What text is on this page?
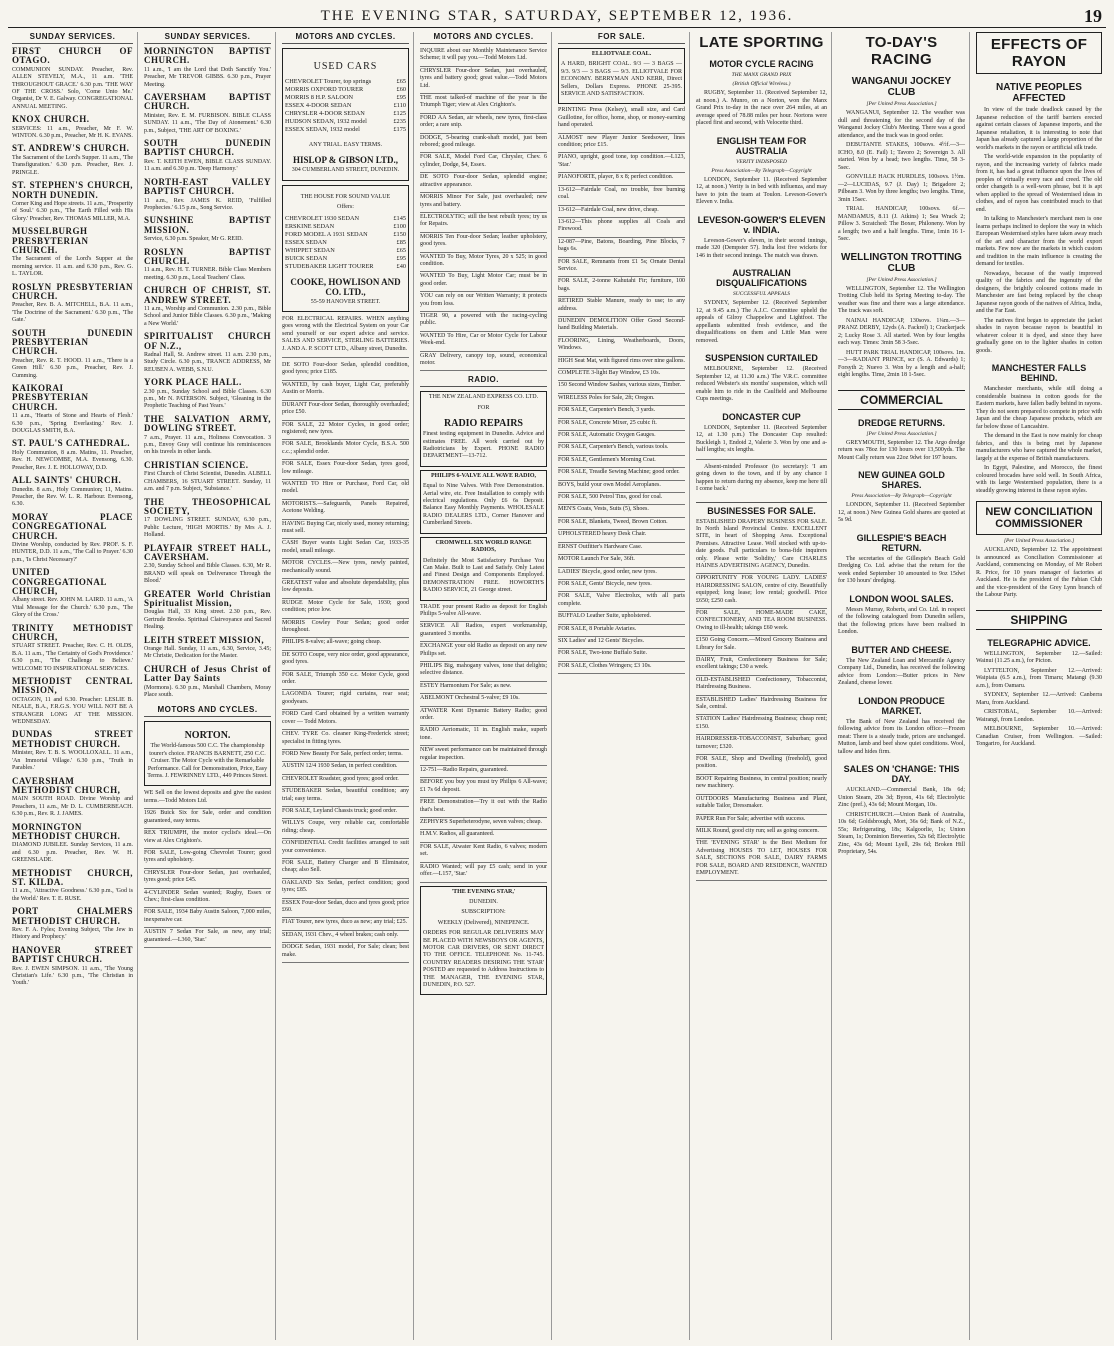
THE EVENING STAR, SATURDAY, SEPTEMBER 12, 1936.	19
SUNDAY SERVICES.
FIRST CHURCH OF OTAGO.
COMMUNION SUNDAY. Preacher, Rev. ALLEN STEVELY, M.A., 11 a.m. 'THE THROUGHOUT GRACE.' 6.30 p.m. 'THE WAY OF THE CROSS.' Solo, 'Come Unto Me.' Organist, Dr V. E. Galway. CONGREGATIONAL ANNUAL MEETING.
KNOX CHURCH.
SERVICES: 11 a.m., Preacher, Mr F. W. WINTON. 6.30 p.m., Preacher, Mr H. K. EVANS.
ST. ANDREW'S CHURCH.
The Sacrament of the Lord's Supper. 11 a.m., 'The Transfiguration.' 6.30 p.m. Preacher, Rev. J. PRINGLE.
ST. STEPHEN'S CHURCH, NORTH DUNEDIN.
Corner King and Hope streets. 11 a.m., 'Prosperity of Soul.' 6.30 p.m., 'The Earth Filled with His Glory.' Preacher, Rev. THOMAS MILLER, M.A.
MUSSELBURGH PRESBYTERIAN CHURCH.
The Sacrament of the Lord's Supper at the morning service. 11 a.m. and 6.30 p.m., Rev. G. L. TAYLOR.
ROSLYN PRESBYTERIAN CHURCH.
Preacher, Rev. B. A. MITCHELL, B.A. 11 a.m., 'The Doctrine of the Sacrament.' 6.30 p.m., 'The Gate.'
SOUTH DUNEDIN PRESBYTERIAN CHURCH.
Preacher, Rev. R. T. HOOD. 11 a.m., 'There is a Green Hill.' 6.30 p.m., Preacher, Rev. J. Cumming.
KAIKORAI PRESBYTERIAN CHURCH.
11 a.m., 'Hearts of Stone and Hearts of Flesh.' 6.30 p.m., 'Spring Everlasting.' Rev. J. DOUGLAS SMITH, B.A.
ST. PAUL'S CATHEDRAL.
Holy Communion, 8 a.m. Matins, 11. Preacher, Rev. H. NEWCOMBE, M.A. Evensong, 6.30. Preacher, Rev. J. E. HOLLOWAY, D.D.
ALL SAINTS' CHURCH.
Dunedin. 8 a.m., Holy Communion; 11, Matins. Preacher, the Rev. W. L. R. Harbour. Evensong, 6.30.
MORAY PLACE CONGREGATIONAL CHURCH.
Divine Worship, conducted by Rev. PROF. S. F. HUNTER, D.D. 11 a.m., 'The Call to Prayer.' 6.30 p.m., 'Is Christ Necessary?'
UNITED CONGREGATIONAL CHURCH,
Albany street. Rev. JOHN M. LAIRD. 11 a.m., 'A Vital Message for the Church.' 6.30 p.m., 'The Glory of the Cross.'
TRINITY METHODIST CHURCH,
STUART STREET. Preacher, Rev. C. H. OLDS, B.A. 11 a.m., 'The Certainty of God's Providence.' 6.30 p.m., 'The Challenge to Believe.' WELCOME TO INSPIRATIONAL SERVICES.
METHODIST CENTRAL MISSION,
OCTAGON, 11 and 6.30. Preacher: LESLIE B. NEALE, B.A., F.R.G.S. YOU WILL NOT BE A STRANGER LONG AT THE MISSION. WEDNESDAY.
DUNDAS STREET METHODIST CHURCH.
Minister, Rev. T. B. S. WOOLLOXALL. 11 a.m., 'An Immortal Village.' 6.30 p.m., 'Truth in Parables.'
CAVERSHAM METHODIST CHURCH,
MAIN SOUTH ROAD. Divine Worship and Preachers, 11 a.m., Mr D. L. CUMBERBEACH. 6.30 p.m., Rev. R. J. JAMES.
MORNINGTON METHODIST CHURCH.
DIAMOND JUBILEE. Sunday Services, 11 a.m. and 6.30 p.m. Preacher, Rev. W. H. GREENSLADE.
METHODIST CHURCH, ST. KILDA.
11 a.m., 'Attractive Goodness.' 6.30 p.m., 'God is the World.' Rev. T. E. RUSE.
PORT CHALMERS METHODIST CHURCH.
Rev. F. A. Fyles; Evening Subject, 'The Jew in History and Prophecy.'
HANOVER STREET BAPTIST CHURCH.
Rev. J. EWEN SIMPSON. 11 a.m., 'The Young Christian's Life.' 6.30 p.m., 'The Christian in Youth.'
SUNDAY SERVICES.
MORNINGTON BAPTIST CHURCH.
11 a.m., 'I am the Lord that Doth Sanctify You.' Preacher, Mr TREVOR GIBBS. 6.30 p.m., Prayer Meeting.
CAVERSHAM BAPTIST CHURCH.
Minister, Rev. E. M. FURBISON. BIBLE CLASS SUNDAY. 11 a.m., 'The Day of Atonement.' 6.30 p.m., Subject, 'THE ART OF BOXING.'
SOUTH DUNEDIN BAPTIST CHURCH.
Rev. T. KEITH EWEN, BIBLE CLASS SUNDAY. 11 a.m. and 6.30 p.m. 'Deep Harmony.'
NORTH-EAST VALLEY BAPTIST CHURCH.
11 a.m., Rev. JAMES K. REID, 'Fulfilled Prophecies.' 6.15 p.m., Song Service.
SUNSHINE BAPTIST MISSION.
Service, 6.30 p.m. Speaker, Mr G. REID.
ROSLYN BAPTIST CHURCH.
11 a.m., Rev. H. T. TURNER. Bible Class Members meeting. 6.30 p.m., Local Teachers' Class.
CHURCH OF CHRIST, ST. ANDREW STREET.
11 a.m., Worship and Communion. 2.30 p.m., Bible School and Junior Bible Classes. 6.30 p.m., 'Making a New World.'
SPIRITUALIST CHURCH OF N.Z.,
Radnal Hall, St. Andrew street. 11 a.m. 2.30 p.m., Study Circle. 6.30 p.m., TRANCE ADDRESS, Mr REUBEN A. WEBB, S.N.U.
YORK PLACE HALL.
2.30 p.m., Sunday School and Bible Classes. 6.30 p.m., Mr N. PATERSON. Subject, 'Gleaning in the Prophetic Teaching of Past Years.'
THE SALVATION ARMY, DOWLING STREET.
7 a.m., Prayer. 11 a.m., Holiness Convocation. 3 p.m., Envoy Gray will continue his reminiscences on his travels in other lands.
CHRISTIAN SCIENCE.
First Church of Christ Scientist, Dunedin. ALBELL CHAMBERS, 16 STUART STREET. Sunday, 11 a.m. and 7 p.m. Subject, 'Substance.'
THE THEOSOPHICAL SOCIETY,
17 DOWLING STREET. SUNDAY, 6.30 p.m., Public Lecture, 'HIGH MORTIS.' By Mrs A. J. Holland.
PLAYFAIR STREET HALL, CAVERSHAM.
2.30, Sunday School and Bible Classes. 6.30, Mr R. BRAND will speak on 'Deliverance Through the Blood.'
GREATER World Christian Spiritualist Mission,
Douglas Hall, 33 King street. 2.30 p.m., Rev. Gertrude Brooks. Spiritual Clairvoyance and Sacred Healing.
LEITH STREET MISSION,
Orange Hall. Sunday, 11 a.m., 6.30, Service, 3.45; Mr Christie, Dedication for the Master.
CHURCH of Jesus Christ of Latter Day Saints
(Mormons). 6.30 p.m., Marshall Chambers, Moray Place south.
MOTORS AND CYCLES.
NORTON.
The World-famous 500 C.C. The championship tourer's choice. FRANCIS BARNETT, 250 C.C. Cruiser. The Motor Cycle with the Remarkable Performance. Call for Demonstration, Price, Easy Terms. J. FEWRINNEY LTD., 449 Princes Street.
WE Sell on the lowest deposits and give the easiest terms.—Todd Motors Ltd.
1926 Buick Six for Sale, order and condition guaranteed, easy terms.
REX TRIUMPH, the motor cyclist's ideal.—On view at Alex Crighton's.
FOR SALE, Low-going Chevrolet Tourer; good tyres and upholstery.
CHRYSLER Four-door Sedan, just overhauled, tyres good; price £45.
4-CYLINDER Sedan wanted; Rugby, Essex or Chev.; first-class condition.
FOR SALE, 1934 Baby Austin Saloon, 7,000 miles, inexpensive car.
AUSTIN 7 Sedan For Sale, as new, any trial; guaranteed.—L360, 'Star.'
MOTORS AND CYCLES.
USED CARS
CHEVROLET Tourer, top springs	£65
MORRIS OXFORD TOURER	£60
MORRIS 8 H.P. SALOON	£95
ESSEX 4-DOOR SEDAN	£110
CHRYSLER 4-DOOR SEDAN	£125
HUDSON SEDAN, 1932 model	£235
ESSEX SEDAN, 1932 model	£175
ANY TRIAL. EASY TERMS.
HISLOP & GIBSON LTD.,
304 CUMBERLAND STREET, DUNEDIN.
THE HOUSE FOR SOUND VALUE
Offers:
CHEVROLET 1930 SEDAN	£145
ERSKINE SEDAN	£100
FORD MODEL A 1931 SEDAN	£150
ESSEX SEDAN	£85
WHIPPET SEDAN	£65
BUICK SEDAN	£95
STUDEBAKER LIGHT TOURER	£40
COOKE, HOWLISON AND CO. LTD.,
55-59 HANOVER STREET.
FOR ELECTRICAL REPAIRS. WHEN anything goes wrong with the Electrical System on your Car send yourself or our expert advice and service. SALES AND SERVICE, STERLING BATTERIES. J. AND A. P. SCOTT LTD., Albany street, Dunedin.
DE SOTO Four-door Sedan, splendid condition, good tyres; price £185.
WANTED, by cash buyer, Light Car, preferably Austin or Morris.
DURANT Four-door Sedan, thoroughly overhauled; price £50.
FOR SALE, 22 Motor Cycles, in good order; registered; new tyres.
FOR SALE, Brooklands Motor Cycle, B.S.A. 500 c.c.; splendid order.
FOR SALE, Essex Four-door Sedan, tyres good, low mileage.
WANTED TO Hire or Purchase, Ford Car, old model.
MOTORISTS.—Safeguards, Panels Repaired, Acetone Welding.
HAVING Buying Car, nicely used, money returning; must sell.
CASH Buyer wants Light Sedan Car, 1933-35 model, small mileage.
MOTOR CYCLES.—New tyres, newly painted, mechanically sound.
GREATEST value and absolute dependability, plus low deposits.
RUDGE Motor Cycle for Sale, 1930; good condition; price low.
MORRIS Cowley Four Sedan; good order throughout.
PHILIPS 8-valve; all-wave; going cheap.
DE SOTO Coupe, very nice order, good appearance, good tyres.
FOR SALE, Triumph 350 c.c. Motor Cycle, good order.
LAGONDA Tourer; rigid curtains, rear seat; goodyears.
FORD Card Card obtained by a written warranty cover — Todd Motors.
CHEV. TYRE Co. cleaner King-Frederick street; specialist in fitting tyres.
FORD New Beauty For Sale, perfect order; terms.
AUSTIN 12/4 1930 Sedan, in perfect condition.
CHEVROLET Roadster, good tyres; good order.
STUDEBAKER Sedan, beautiful condition; any trial; easy terms.
FOR SALE, Leyland Chassis truck; good order.
WILLYS Coupe, very reliable car, comfortable riding; cheap.
CONFIDENTIAL Credit facilities arranged to suit your convenience.
FOR SALE, Battery Charger and B Eliminator, cheap; also Sell.
OAKLAND Six Sedan, perfect condition; good tyres; £85.
ESSEX Four-door Sedan, duco and tyres good; price £60.
FIAT Tourer, new tyres, duco as new; any trial; £25.
SEDAN, 1931 Chev., 4 wheel brakes; cash only.
DODGE Sedan, 1931 model, For Sale; clean; best make.
MOTORS AND CYCLES.
INQUIRE about our Monthly Maintenance Service Scheme; it will pay you.—Todd Motors Ltd.
CHRYSLER Four-door Sedan, just overhauled, tyres and battery good; great value.—Todd Motors Ltd.
THE most talked-of machine of the year is the Triumph Tiger; view at Alex Crighton's.
FORD AA Sedan, air wheels, new tyres, first-class order; a rare snip.
DODGE, 5-bearing crank-shaft model, just been rebored; good mileage.
FOR SALE, Model Ford Car, Chrysler, Chev. 6 cylinder, Dodge, $4, Essex.
DE SOTO Four-door Sedan, splendid engine; attractive appearance.
MORRIS Minor For Sale, just overhauled; new tyres and battery.
ELECTROLYTIC; still the best rebuilt tyres; try us for Repairs.
MORRIS Ten Four-door Sedan; leather upholstery, good tyres.
WANTED To Buy, Motor Tyres, 20 x 525; in good condition.
WANTED To Buy, Light Motor Car; must be in good order.
YOU can rely on our Written Warranty; it protects you from loss.
TIGER 90, a powered with the racing-cycling public.
WANTED To Hire, Car or Motor Cycle for Labour Week-end.
GRAY Delivery, canopy top, sound, economical motor.
RADIO.
THE NEW ZEALAND EXPRESS CO. LTD.
FOR
RADIO REPAIRS
Finest testing equipment in Dunedin. Advice and estimates FREE. All work carried out by Radiotricians by Expert. PHONE RADIO DEPARTMENT—13-712.
PHILIPS 6-VALVE ALL WAVE RADIO,
Equal to Nine Valves. With Free Demonstration. Aerial wire, etc. Free Installation to comply with electrical regulations. Only £6 6s Deposit. Balance Easy Monthly Payments. WHOLESALE RADIO DEALERS LTD., Corner Hanover and Cumberland Streets.
CROMWELL SIX WORLD RANGE RADIOS,
Definitely the Most Satisfactory Purchase You Can Make. Built to Last and Satisfy. Only Latest and Finest Design and Components Employed. DEMONSTRATION FREE. HOWORTH'S RADIO SERVICE, 21 George street.
TRADE your present Radio as deposit for English Philips 5-valve All-wave.
SERVICE All Radios, expert workmanship, guaranteed 3 months.
EXCHANGE your old Radio as deposit on any new Philips set.
PHILIPS Big, mahogany valves, tone that delights; selective distance.
ESTEY Harmonium For Sale; as new.
ABELMONT Orchestral 5-valve; £9 10s.
ATWATER Kent Dynamic Battery Radio; good order.
RADIO Aeriomatic, 11 in. English make, superb tone.
NEW sweet performance can be maintained through regular inspection.
12-751—Radio Repairs, guaranteed.
BEFORE you buy you must try Philips 6 All-wave; £1 7s 6d deposit.
FREE Demonstration—Try it out with the Radio that's best.
ZEPHYR'S Superheterodyne, seven valves; cheap.
H.M.V. Radios, all guaranteed.
FOR SALE, Atwater Kent Radio, 6 valves; modern set.
RADIO Wanted; will pay £5 cash; send in your offer.—L157, 'Star.'
'THE EVENING STAR,'
DUNEDIN.
SUBSCRIPTION:
WEEKLY (Delivered), NINEPENCE.
ORDERS FOR REGULAR DELIVERIES MAY BE PLACED WITH NEWSBOYS OR AGENTS, MOTOR CAR DRIVERS, OR SENT DIRECT TO THE OFFICE. TELEPHONE No. 11-745. COUNTRY READERS DESIRING THE 'STAR' POSTED are requested to Address Instructions to THE MANAGER, THE EVENING STAR, DUNEDIN, P.O. 527.
FOR SALE.
ELLIOTVALE COAL.
A HARD, BRIGHT COAL. 9/3 — 3 BAGS — 9/3. 9/3 — 3 BAGS — 9/3. ELLIOTVALE FOR ECONOMY. BERRYMAN AND KERR, Direct Sellers, Dollars Express. PHONE 25-395. SERVICE AND SATISFACTION.
PRINTING Press (Kelsey), small size, and Card Guillotine, for office, home, shop, or money-earning hand operated.
ALMOST new Player Junior Seedsower, lines condition; price £15.
PIANO, upright, good tone, top condition.—L123, 'Star.'
PIANOFORTE, player, 8 x 8; perfect condition.
13-612—Fairdale Coal, no trouble, free burning coal.
13-612—Fairdale Coal, new drive, cheap.
13-612—This phone supplies all Coals and Firewood.
12-087—Pine, Batons, Boarding, Pine Blocks, 7 bags 6s.
FOR SALE, Remnants from £1 5s; Ornate Dental Service.
FOR SALE, 2-tonne Kahutahi Fir; furniture, 100 bags.
RETIRED Stable Manure, ready to use; to any address.
DUNEDIN DEMOLITION Offer Good Second-hand Building Materials.
FLOORING, Lining, Weatherboards, Doors, Windows.
HIGH Seat Mat, with figured rims over nine gallons.
COMPLETE 3-light Bay Window, £3 10s.
150 Second Window Sashes, various sizes, Timber.
WIRELESS Poles for Sale, 2ft; Oregon.
FOR SALE, Carpenter's Bench, 3 yards.
FOR SALE, Concrete Mixer, 25 cubic ft.
FOR SALE, Automatic Oxygen Gauges.
FOR SALE, Carpenter's Bench, various tools.
FOR SALE, Gentlemen's Morning Coat.
FOR SALE, Treadle Sewing Machine; good order.
BOYS, build your own Model Aeroplanes.
FOR SALE, 500 Petrol Tins, good for coal.
MEN'S Coats, Vests, Suits (5), Shoes.
FOR SALE, Blankets, Tweed, Brown Cotton.
UPHOLSTERED heavy Desk Chair.
ERNST Outfitter's Hardware Case.
MOTOR Launch For Sale, 36ft.
LADIES' Bicycle, good order, new tyres.
FOR SALE, Gents' Bicycle, new tyres.
FOR SALE, Valve Electrolux, with all parts complete.
BUFFALO Leather Suite, upholstered.
FOR SALE, 8 Portable Aviaries.
SIX Ladies' and 12 Gents' Bicycles.
FOR SALE, Two-tone Buffalo Suite.
FOR SALE, Clothes Wringers; £3 10s.
LATE SPORTING
MOTOR CYCLE RACING
THE MANX GRAND PRIX
(British Official Wireless.)
RUGBY, September 11. (Received September 12, at noon.) A. Munro, on a Norton, won the Manx Grand Prix to-day in the race over 264 miles, at an average speed of 78.88 miles per hour. Nortons were placed first and second, with Velocette third.
ENGLISH TEAM FOR AUSTRALIA
VERITY INDISPOSED
Press Association—By Telegraph—Copyright
LONDON, September 11. (Received September 12, at noon.) Verity is in bed with influenza, and may have to join the team at Toulon. Leveson-Gower's Eleven v. India.
LEVESON-GOWER'S ELEVEN v. INDIA.
Leveson-Gower's eleven, in their second innings, made 320 (Dempster 57). India lost five wickets for 146 in their second innings. The match was drawn.
AUSTRALIAN DISQUALIFICATIONS
SUCCESSFUL APPEALS
SYDNEY, September 12. (Received September 12, at 9.45 a.m.) The A.J.C. Committee upheld the appeals of Gilroy Chappelow and Lightfoot. The appellants submitted fresh evidence, and the disqualifications on them and Little Man were removed.
SUSPENSION CURTAILED
MELBOURNE, September 12. (Received September 12, at 11.30 a.m.) The V.R.C. committee reduced Webster's six months' suspension, which will enable him to ride in the Caulfield and Melbourne Cups meetings.
DONCASTER CUP
LONDON, September 11. (Received September 12, at 1.30 p.m.) The Doncaster Cup resulted: Buckleigh 1, Endoid 2, Valerie 3. Won by one and a-half lengths; six lengths.
Absent-minded Professor (to secretary): 'I am going down to the town, and if by any chance I happen to return during my absence, keep me here till I come back.'
BUSINESSES FOR SALE.
ESTABLISHED DRAPERY BUSINESS FOR SALE. In North Island Provincial Centre. EXCELLENT SITE, in heart of Shopping Area. Exceptional Premises. Attractive Lease. Well stocked with up-to-date goods. Full particulars to bona-fide inquirers only. Please write 'Solidity,' Care CHARLES HAINES ADVERTISING AGENCY, Dunedin.
OPPORTUNITY FOR YOUNG LADY. LADIES' HAIRDRESSING SALON, centre of city. Beautifully equipped; long lease; low rental; goodwill. Price £650; £250 cash.
FOR SALE, HOME-MADE CAKE, CONFECTIONERY, AND TEA ROOM BUSINESS. Owing to ill-health; takings £60 week.
£150 Going Concern.—Mixed Grocery Business and Library for Sale.
DAIRY, Fruit, Confectionery Business for Sale; excellent takings; £30 a week.
OLD-ESTABLISHED Confectionery, Tobacconist, Hairdressing Business.
ESTABLISHED Ladies' Hairdressing Business for Sale, central.
STATION Ladies' Hairdressing Business; cheap rent; £150.
HAIRDRESSER-TOBACCONIST, Suburban; good turnover; £320.
FOR SALE, Shop and Dwelling (freehold), good position.
BOOT Repairing Business, in central position; nearly new machinery.
OUTDOORS Manufacturing Business and Plant, suitable Tailor, Dressmaker.
PAPER Run For Sale; advertise with success.
MILK Round, good city run; sell as going concern.
THE 'EVENING STAR' is the Best Medium for Advertising HOUSES TO LET, HOUSES FOR SALE, SECTIONS FOR SALE, DAIRY FARMS FOR SALE, BOARD AND RESIDENCE, WANTED EMPLOYMENT.
TO-DAY'S RACING
WANGANUI JOCKEY CLUB
[Per United Press Association.]
WANGANUI, September 12. The weather was dull and threatening for the second day of the Wanganui Jockey Club's Meeting. There was a good attendance, and the track was in good order.
DEBUTANTE STAKES, 100sovs. 4½f.—3—ICHO, 8.0 (E. Fail) 1; Tavoro 2; Sovereign 3. All started. Won by a head; two lengths. Time, 58 3-5sec.
GONVILLE HACK HURDLES, 100sovs. 1½m.—2—LUCIDAS, 9.7 (J. Day) 1; Brigadore 2; Pilbeam 3. Won by three lengths; two lengths. Time, 3min 15sec.
TRIAL HANDICAP, 100sovs. 6f.—MANDAMUS, 8.11 (J. Atkins) 1; Sea Wrack 2; Pillow 3. Scratched: The Boxer, Philoneny. Won by a length; two and a half lengths. Time, 1min 16 1-5sec.
WELLINGTON TROTTING CLUB
[Per United Press Association.]
WELLINGTON, September 12. The Wellington Trotting Club held its Spring Meeting to-day. The weather was fine and there was a large attendance. The track was soft.
NAINAI HANDICAP, 130sovs. 1¼m.—3—PRANZ DERBY, 12yds (A. Fackrel) 1; Crackerjack 2; Lucky Rose 3. All started. Won by four lengths each way. Times: 3min 58 3-5sec.
HUTT PARK TRIAL HANDICAP, 100sovs. 1m.—3—RADIANT PRINCE, scr (S. A. Edwards) 1; Forsyth 2; Nuevo 3. Won by a length and a-half; eight lengths. Time, 2min 18 1-5sec.
COMMERCIAL
DREDGE RETURNS.
[Per United Press Association.]
GREYMOUTH, September 12. The Argo dredge return was 78oz for 130 hours over 13,500yds. The Mount Cally return was 22oz 9dwt for 197 hours.
NEW GUINEA GOLD SHARES.
Press Association—By Telegraph—Copyright
LONDON, September 11. (Received September 12, at noon.) New Guinea Gold shares are quoted at 5s 9d.
GILLESPIE'S BEACH RETURN.
The secretaries of the Gillespie's Beach Gold Dredging Co. Ltd. advise that the return for the week ended September 10 amounted to 9oz 15dwt for 130 hours' dredging.
LONDON WOOL SALES.
Messrs Murray, Roberts, and Co. Ltd. in respect of the following catalogued from Dunedin sellers, that the following prices have been realised in London.
BUTTER AND CHEESE.
The New Zealand Loan and Mercantile Agency Company Ltd., Dunedin, has received the following advice from London:—Butter prices in New Zealand, cheese lower.
LONDON PRODUCE MARKET.
The Bank of New Zealand has received the following advice from its London office:—Frozen meat: There is a steady trade, prices are unchanged. Mutton, lamb and beef show quiet conditions. Wool, tallow and hides firm.
SALES ON 'CHANGE: THIS DAY.
AUCKLAND.—Commercial Bank, 18s 6d; Union Steam, 20s 3d; Byron, 41s 6d; Electrolytic Zinc (pref.), 43s 6d; Mount Morgan, 10s.
CHRISTCHURCH.—Union Bank of Australia, 10s 6d; Goldsbrough, Mort, 36s 6d; Bank of N.Z., 55s; Refrigerating, 18s; Kalgoorlie, 1s; Union Steam, 1s; Dominion Breweries, 52s 6d; Electrolytic Zinc, 43s 6d; Mount Lyell, 29s 6d; Broken Hill Proprietary, 54s.
EFFECTS OF RAYON
NATIVE PEOPLES AFFECTED
In view of the trade deadlock caused by the Japanese reduction of the tariff barriers erected against certain classes of Japanese imports, and the Japanese retaliation, it is interesting to note that Japan has already captured a large proportion of the world's markets in the rayon or artificial silk trade.
The world-wide expansion in the popularity of rayon, and the increasing variety of fabrics made from it, has had a great influence upon the lives of peoples of virtually every race and creed. The old order changeth is a well-worn phrase, but it is apt when applied to the spread of Westernised ideas in clothes, and of rayon has contributed much to that end.
In talking to Manchester's merchant men is one learns perhaps inclined to deplore the way in which European Westernised styles have taken away much of the art and character from the world export markets. Few now are the markets in which custom and tradition in the main influence is creating the demand for textiles.
Nowadays, because of the vastly improved quality of the fabrics and the ingenuity of the designers, the brightly coloured cottons made in Manchester are fast being replaced by the cheap Japanese rayon goods of the natives of Africa, India, and the Far East.
The natives first began to appreciate the jacket shades in rayon because rayon is beautiful in whatever colour it is dyed, and since they have gradually gone on to the lighter shades in cotton goods.
MANCHESTER FALLS BEHIND.
Manchester merchants, while still doing a considerable business in cotton goods for the Eastern markets, have fallen badly behind in rayons. They do not seem prepared to compete in price with Japan and the cheap Japanese products, which are far below those of Lancashire.
The demand in the East is now mainly for cheap fabrics, and this is being met by Japanese manufacturers who have captured the whole market, largely at the expense of British manufacturers.
In Egypt, Palestine, and Morocco, the finest coloured brocades have sold well. In South Africa, with its large Westernised population, there is a steadily growing interest in these rayon styles.
NEW CONCILIATION COMMISSIONER
[Per United Press Association.]
AUCKLAND, September 12. The appointment is announced as Conciliation Commissioner at Auckland, commencing on Monday, of Mr Robert R. Price, for 10 years manager of factories at Auckland. He is the president of the Fabian Club and the vice-president of the Grey Lynn branch of the Labour Party.
SHIPPING
TELEGRAPHIC ADVICE.
WELLINGTON, September 12.—Sailed: Wainui (11.25 a.m.), for Picton.
LYTTELTON, September 12.—Arrived: Waipiata (6.5 a.m.), from Timaru; Matangi (9.30 a.m.), from Oamaru.
SYDNEY, September 12.—Arrived: Canberra Maru, from Auckland.
CRISTOBAL, September 10.—Arrived: Wairangi, from London.
MELBOURNE, September 10.—Arrived: Canadian Cruiser, from Wellington. —Sailed: Tongariro, for Auckland.
